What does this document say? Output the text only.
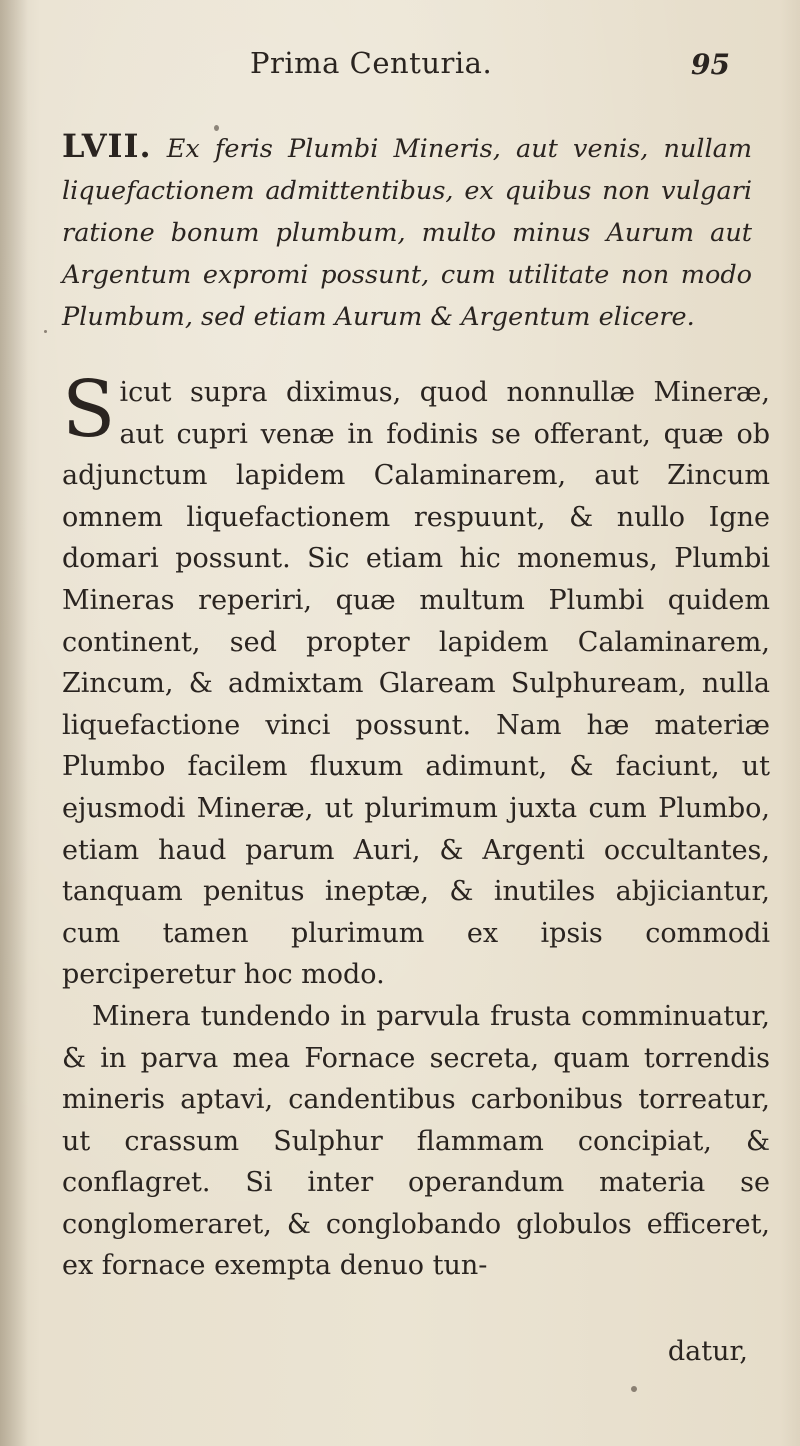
Prima Centuria.	95
LVII. Ex feris Plumbi Mineris, aut venis, nullam liquefactionem admittentibus, ex quibus non vulgari ratione bonum plumbum, multo minus Aurum aut Argentum expromi possunt, cum utilitate non modo Plumbum, sed etiam Aurum & Argentum elicere.

Sicut supra diximus, quod nonnullæ Mineræ, aut cupri venæ in fodinis se offerant, quæ ob adjunctum lapidem Calaminarem, aut Zincum omnem liquefactionem respuunt, & nullo Igne domari possunt. Sic etiam hic monemus, Plumbi Mineras reperiri, quæ multum Plumbi quidem continent, sed propter lapidem Calaminarem, Zincum, & admixtam Glaream Sulphuream, nulla liquefactione vinci possunt. Nam hæ materiæ Plumbo facilem fluxum adimunt, & faciunt, ut ejusmodi Mineræ, ut plurimum juxta cum Plumbo, etiam haud parum Auri, & Argenti occultantes, tanquam penitus ineptæ, & inutiles abjiciantur, cum tamen plurimum ex ipsis commodi perciperetur hoc modo.

Minera tundendo in parvula frusta comminuatur, & in parva mea Fornace secreta, quam torrendis mineris aptavi, candentibus carbonibus torreatur, ut crassum Sulphur flammam concipiat, & conflagret. Si inter operandum materia se conglomeraret, & conglobando globulos efficeret, ex fornace exempta denuo tun-

datur,
